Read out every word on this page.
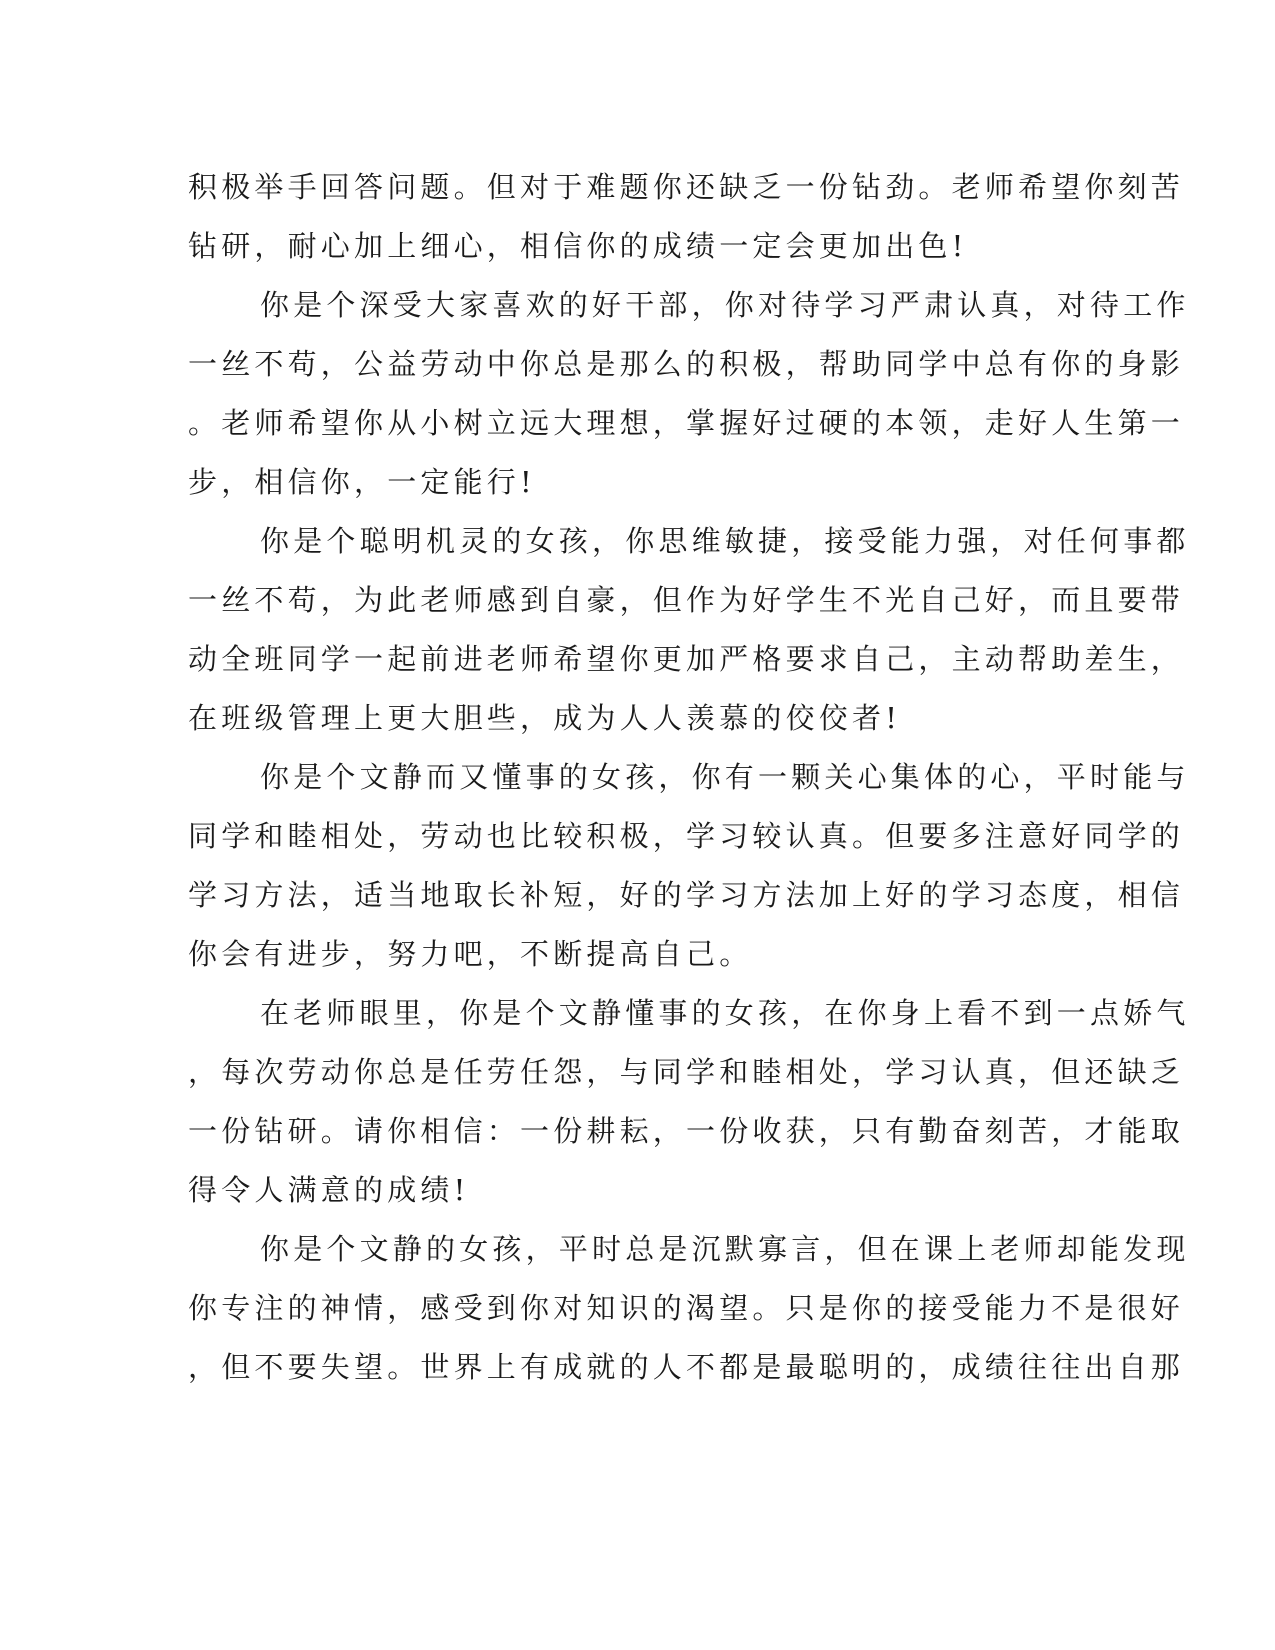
积极举手回答问题。但对于难题你还缺乏一份钻劲。老师希望你刻苦
钻研，耐心加上细心，相信你的成绩一定会更加出色!
你是个深受大家喜欢的好干部，你对待学习严肃认真，对待工作
一丝不苟，公益劳动中你总是那么的积极，帮助同学中总有你的身影
。老师希望你从小树立远大理想，掌握好过硬的本领，走好人生第一
步，相信你，一定能行!
你是个聪明机灵的女孩，你思维敏捷，接受能力强，对任何事都
一丝不苟，为此老师感到自豪，但作为好学生不光自己好，而且要带
动全班同学一起前进老师希望你更加严格要求自己，主动帮助差生，
在班级管理上更大胆些，成为人人羡慕的佼佼者!
你是个文静而又懂事的女孩，你有一颗关心集体的心，平时能与
同学和睦相处，劳动也比较积极，学习较认真。但要多注意好同学的
学习方法，适当地取长补短，好的学习方法加上好的学习态度，相信
你会有进步，努力吧，不断提高自己。
在老师眼里，你是个文静懂事的女孩，在你身上看不到一点娇气
，每次劳动你总是任劳任怨，与同学和睦相处，学习认真，但还缺乏
一份钻研。请你相信：一份耕耘，一份收获，只有勤奋刻苦，才能取
得令人满意的成绩!
你是个文静的女孩，平时总是沉默寡言，但在课上老师却能发现
你专注的神情，感受到你对知识的渴望。只是你的接受能力不是很好
，但不要失望。世界上有成就的人不都是最聪明的，成绩往往出自那
